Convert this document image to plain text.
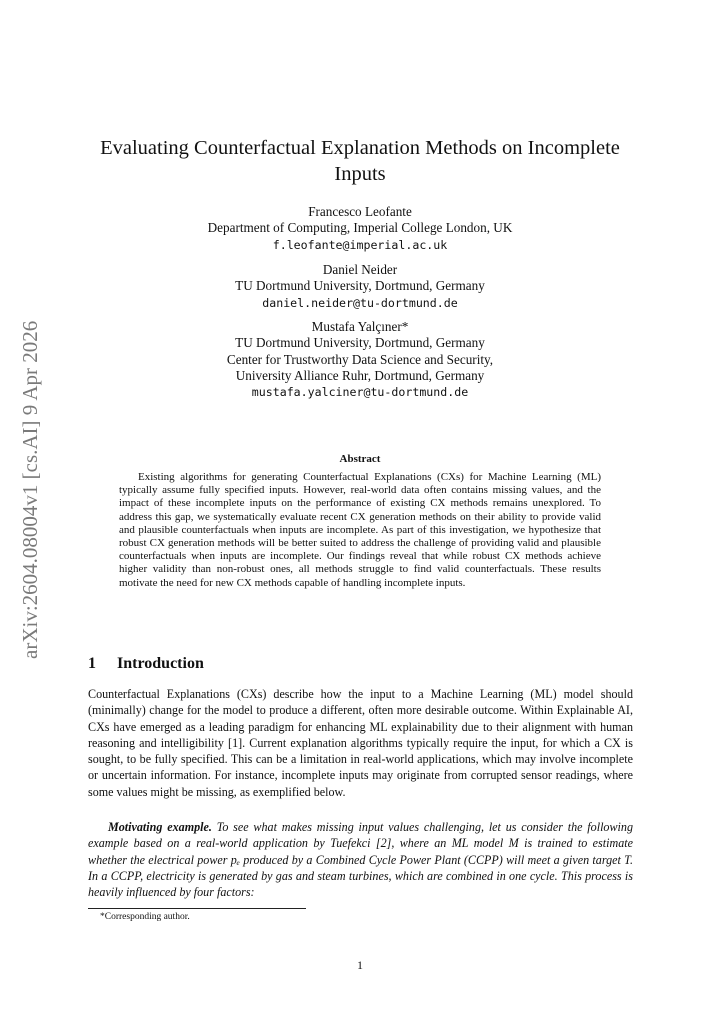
arXiv:2604.08004v1 [cs.AI] 9 Apr 2026
Evaluating Counterfactual Explanation Methods on Incomplete Inputs
Francesco Leofante
Department of Computing, Imperial College London, UK
f.leofante@imperial.ac.uk
Daniel Neider
TU Dortmund University, Dortmund, Germany
daniel.neider@tu-dortmund.de
Mustafa Yalçıner*
TU Dortmund University, Dortmund, Germany
Center for Trustworthy Data Science and Security,
University Alliance Ruhr, Dortmund, Germany
mustafa.yalciner@tu-dortmund.de
Abstract

Existing algorithms for generating Counterfactual Explanations (CXs) for Machine Learning (ML) typically assume fully specified inputs. However, real-world data often contains missing values, and the impact of these incomplete inputs on the performance of existing CX methods remains unexplored. To address this gap, we systematically evaluate recent CX generation methods on their ability to provide valid and plausible counterfactuals when inputs are incomplete. As part of this investigation, we hypothesize that robust CX generation methods will be better suited to address the challenge of providing valid and plausible counterfactuals when inputs are incomplete. Our findings reveal that while robust CX methods achieve higher validity than non-robust ones, all methods struggle to find valid counterfactuals. These results motivate the need for new CX methods capable of handling incomplete inputs.

1 Introduction

Counterfactual Explanations (CXs) describe how the input to a Machine Learning (ML) model should (minimally) change for the model to produce a different, often more desirable outcome. Within Explainable AI, CXs have emerged as a leading paradigm for enhancing ML explainability due to their alignment with human reasoning and intelligibility [1]. Current explanation algorithms typically require the input, for which a CX is sought, to be fully specified. This can be a limitation in real-world applications, which may involve incomplete or uncertain information. For instance, incomplete inputs may originate from corrupted sensor readings, where some values might be missing, as exemplified below.

Motivating example. To see what makes missing input values challenging, let us consider the following example based on a real-world application by Tuefekci [2], where an ML model M is trained to estimate whether the electrical power pₑ produced by a Combined Cycle Power Plant (CCPP) will meet a given target T. In a CCPP, electricity is generated by gas and steam turbines, which are combined in one cycle. This process is heavily influenced by four factors:

*Corresponding author.
1
